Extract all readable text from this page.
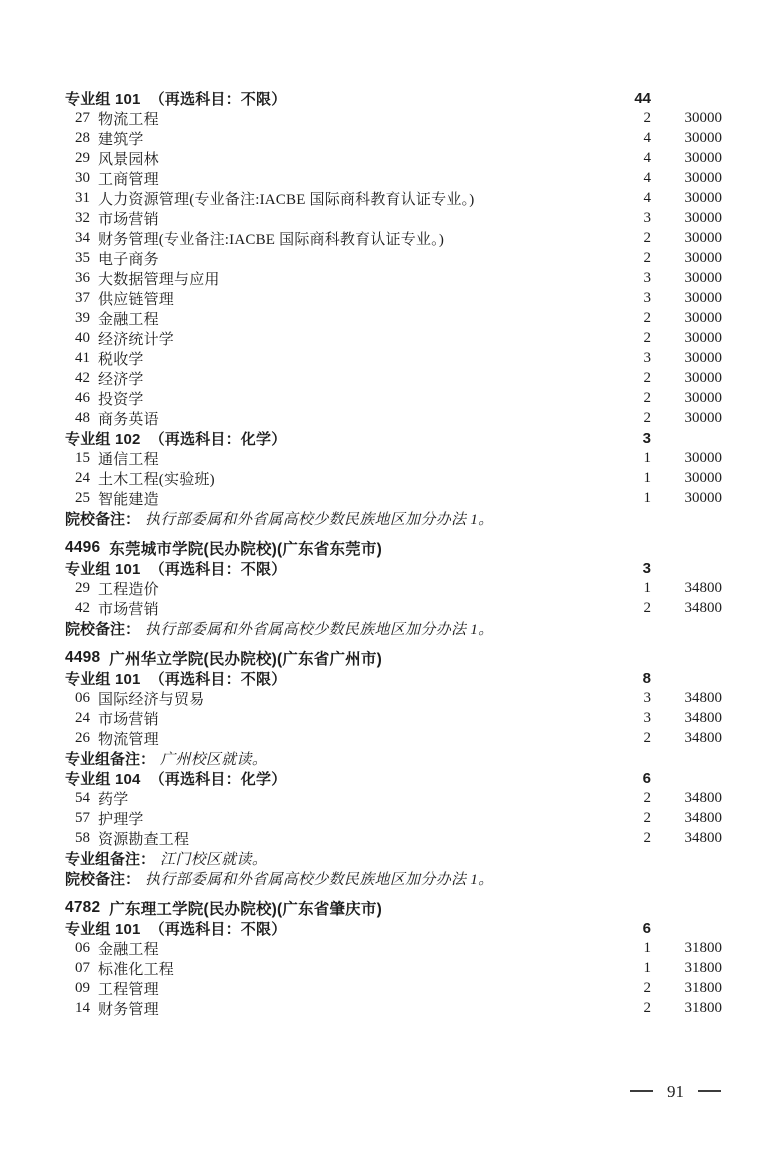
专业组 101 （再选科目：不限）	44
27 物流工程	2	30000
28 建筑学	4	30000
29 风景园林	4	30000
30 工商管理	4	30000
31 人力资源管理(专业备注:IACBE 国际商科教育认证专业。)	4	30000
32 市场营销	3	30000
34 财务管理(专业备注:IACBE 国际商科教育认证专业。)	2	30000
35 电子商务	2	30000
36 大数据管理与应用	3	30000
37 供应链管理	3	30000
39 金融工程	2	30000
40 经济统计学	2	30000
41 税收学	3	30000
42 经济学	2	30000
46 投资学	2	30000
48 商务英语	2	30000
专业组 102 （再选科目：化学）	3
15 通信工程	1	30000
24 土木工程(实验班)	1	30000
25 智能建造	1	30000
院校备注： 执行部委属和外省属高校少数民族地区加分办法 1。
4496 东莞城市学院(民办院校)(广东省东莞市)
专业组 101 （再选科目：不限）	3
29 工程造价	1	34800
42 市场营销	2	34800
院校备注： 执行部委属和外省属高校少数民族地区加分办法 1。
4498 广州华立学院(民办院校)(广东省广州市)
专业组 101 （再选科目：不限）	8
06 国际经济与贸易	3	34800
24 市场营销	3	34800
26 物流管理	2	34800
专业组备注： 广州校区就读。
专业组 104 （再选科目：化学）	6
54 药学	2	34800
57 护理学	2	34800
58 资源勘查工程	2	34800
专业组备注： 江门校区就读。
院校备注： 执行部委属和外省属高校少数民族地区加分办法 1。
4782 广东理工学院(民办院校)(广东省肇庆市)
专业组 101 （再选科目：不限）	6
06 金融工程	1	31800
07 标准化工程	1	31800
09 工程管理	2	31800
14 财务管理	2	31800
91
